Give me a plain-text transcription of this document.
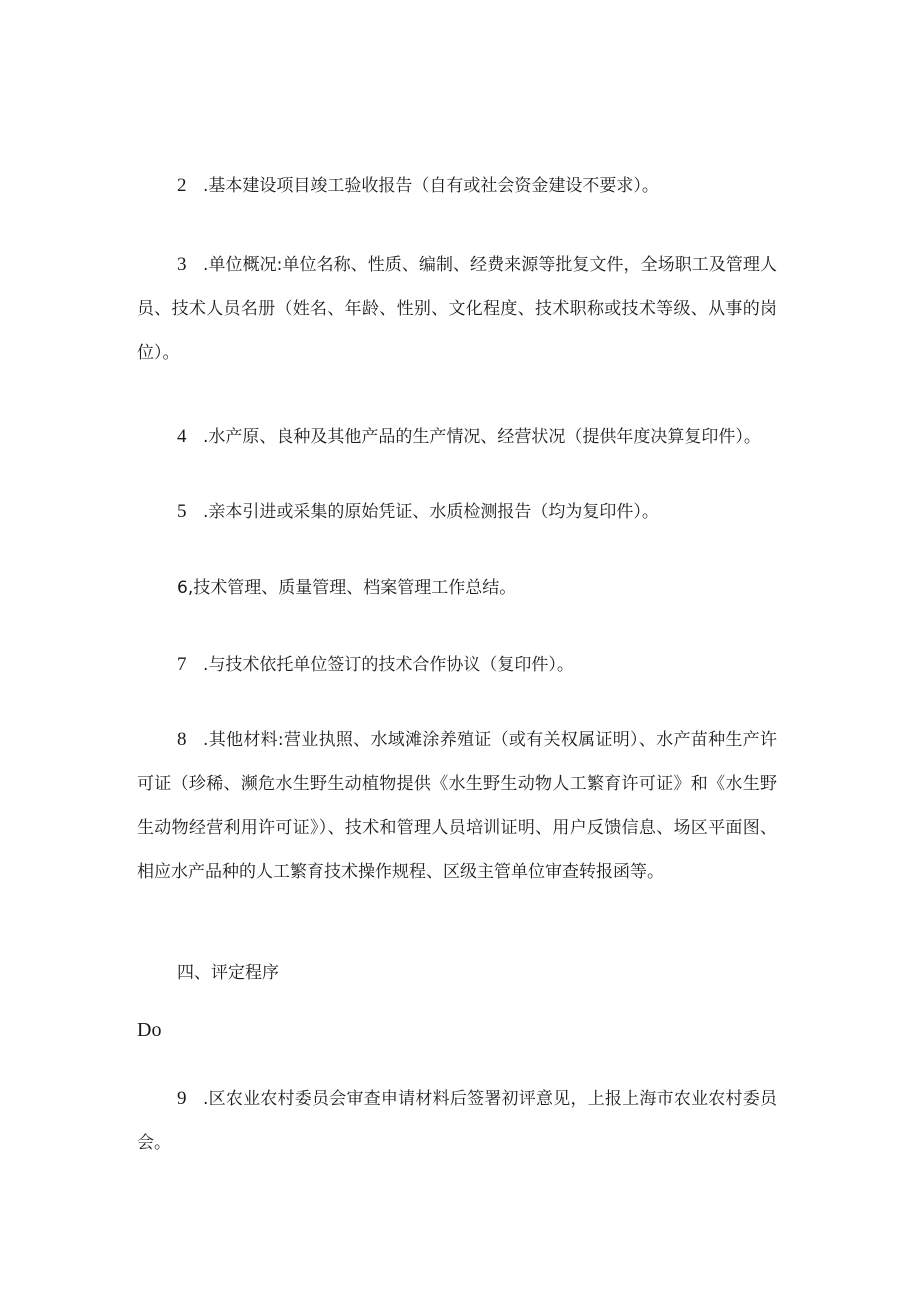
2 .基本建设项目竣工验收报告（自有或社会资金建设不要求）。

3 .单位概况:单位名称、性质、编制、经费来源等批复文件，全场职工及管理人员、技术人员名册（姓名、年龄、性别、文化程度、技术职称或技术等级、从事的岗位）。

4 .水产原、良种及其他产品的生产情况、经营状况（提供年度决算复印件）。

5 .亲本引进或采集的原始凭证、水质检测报告（均为复印件）。

6,技术管理、质量管理、档案管理工作总结。

7 .与技术依托单位签订的技术合作协议（复印件）。

8 .其他材料:营业执照、水域滩涂养殖证（或有关权属证明）、水产苗种生产许可证（珍稀、濒危水生野生动植物提供《水生野生动物人工繁育许可证》和《水生野生动物经营利用许可证》）、技术和管理人员培训证明、用户反馈信息、场区平面图、相应水产品种的人工繁育技术操作规程、区级主管单位审查转报函等。

四、评定程序

Do

9 .区农业农村委员会审查申请材料后签署初评意见，上报上海市农业农村委员会。
